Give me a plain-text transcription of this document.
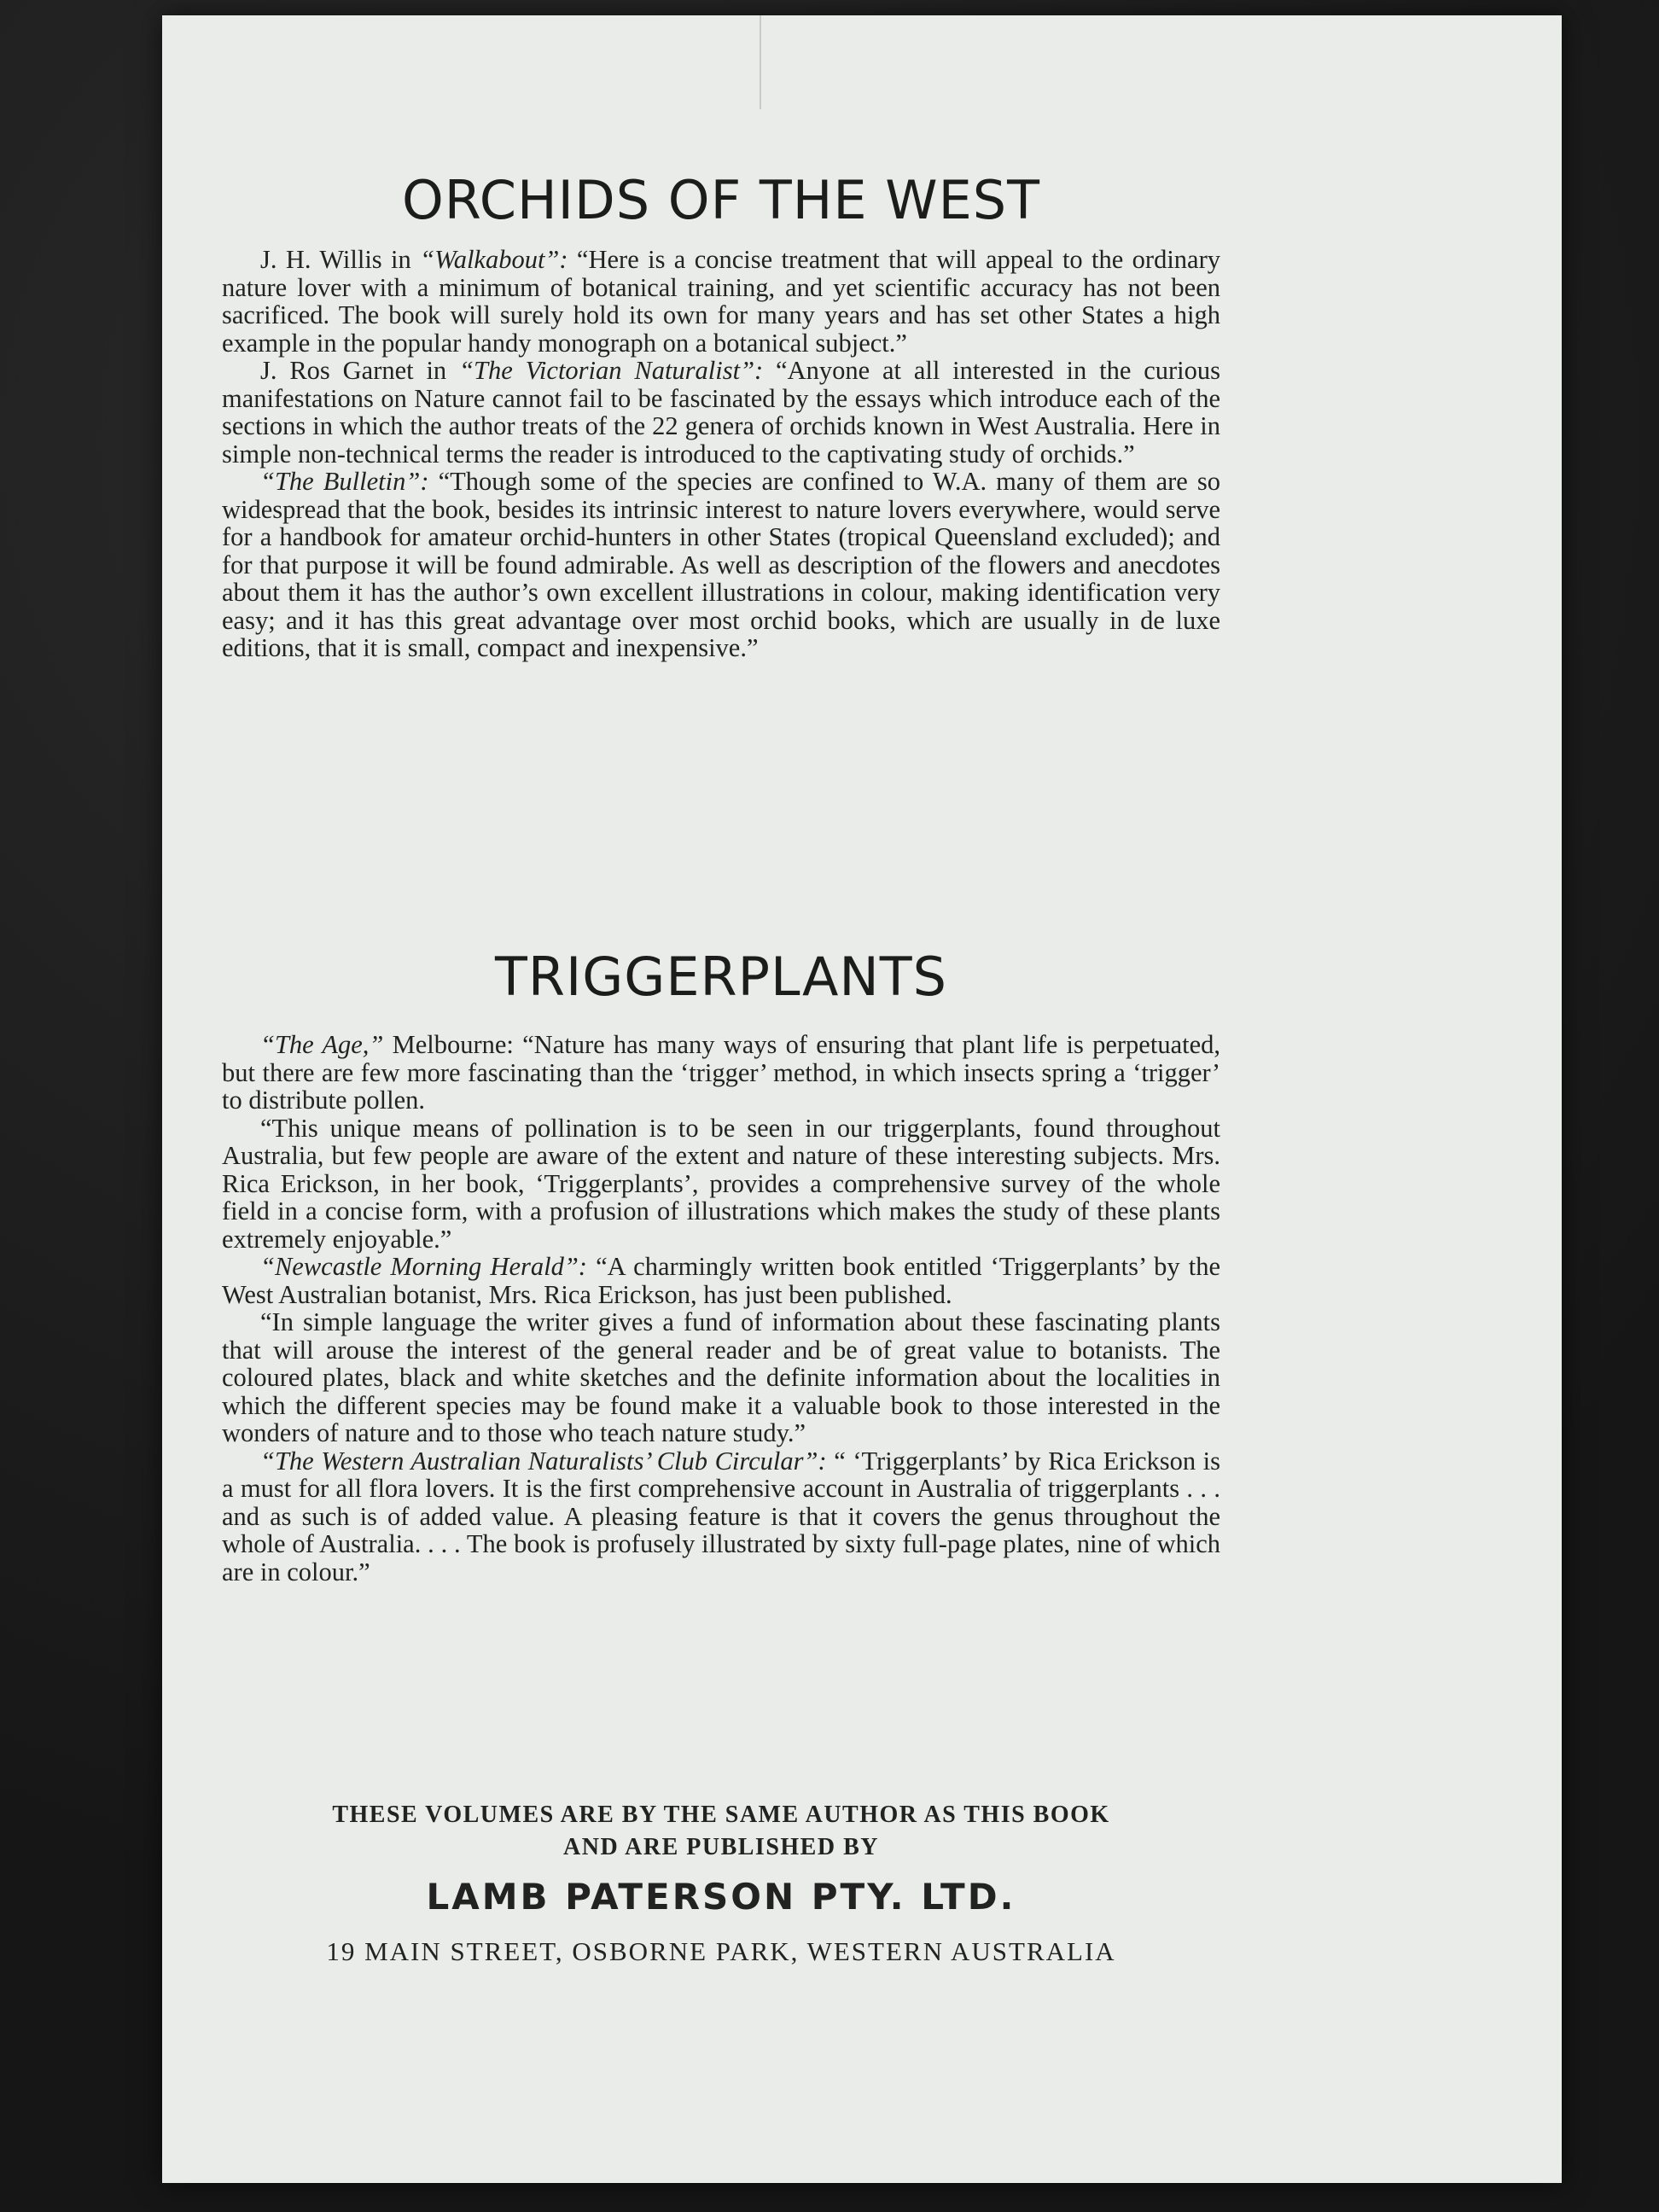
ORCHIDS OF THE WEST

J. H. Willis in “Walkabout”: “Here is a concise treatment that will appeal to the ordinary nature lover with a minimum of botanical training, and yet scientific accuracy has not been sacrificed. The book will surely hold its own for many years and has set other States a high example in the popular handy monograph on a botanical subject.”

J. Ros Garnet in “The Victorian Naturalist”: “Anyone at all interested in the curious manifestations on Nature cannot fail to be fascinated by the essays which introduce each of the sections in which the author treats of the 22 genera of orchids known in West Australia. Here in simple non-technical terms the reader is introduced to the captivating study of orchids.”

“The Bulletin”: “Though some of the species are confined to W.A. many of them are so widespread that the book, besides its intrinsic interest to nature lovers everywhere, would serve for a handbook for amateur orchid-hunters in other States (tropical Queensland excluded); and for that purpose it will be found admirable. As well as description of the flowers and anecdotes about them it has the author’s own excellent illustrations in colour, making identification very easy; and it has this great advantage over most orchid books, which are usually in de luxe editions, that it is small, compact and inexpensive.”

TRIGGERPLANTS

“The Age,” Melbourne: “Nature has many ways of ensuring that plant life is perpetuated, but there are few more fascinating than the ‘trigger’ method, in which insects spring a ‘trigger’ to distribute pollen.

“This unique means of pollination is to be seen in our triggerplants, found throughout Australia, but few people are aware of the extent and nature of these interesting subjects. Mrs. Rica Erickson, in her book, ‘Triggerplants’, provides a comprehensive survey of the whole field in a concise form, with a profusion of illustrations which makes the study of these plants extremely enjoyable.”

“Newcastle Morning Herald”: “A charmingly written book entitled ‘Triggerplants’ by the West Australian botanist, Mrs. Rica Erickson, has just been published.

“In simple language the writer gives a fund of information about these fascinating plants that will arouse the interest of the general reader and be of great value to botanists. The coloured plates, black and white sketches and the definite information about the localities in which the different species may be found make it a valuable book to those interested in the wonders of nature and to those who teach nature study.”

“The Western Australian Naturalists’ Club Circular”: “ ‘Triggerplants’ by Rica Erickson is a must for all flora lovers. It is the first comprehensive account in Australia of triggerplants . . . and as such is of added value. A pleasing feature is that it covers the genus throughout the whole of Australia. . . . The book is profusely illustrated by sixty full-page plates, nine of which are in colour.”

THESE VOLUMES ARE BY THE SAME AUTHOR AS THIS BOOK

AND ARE PUBLISHED BY

LAMB PATERSON PTY. LTD.

19 MAIN STREET, OSBORNE PARK, WESTERN AUSTRALIA
